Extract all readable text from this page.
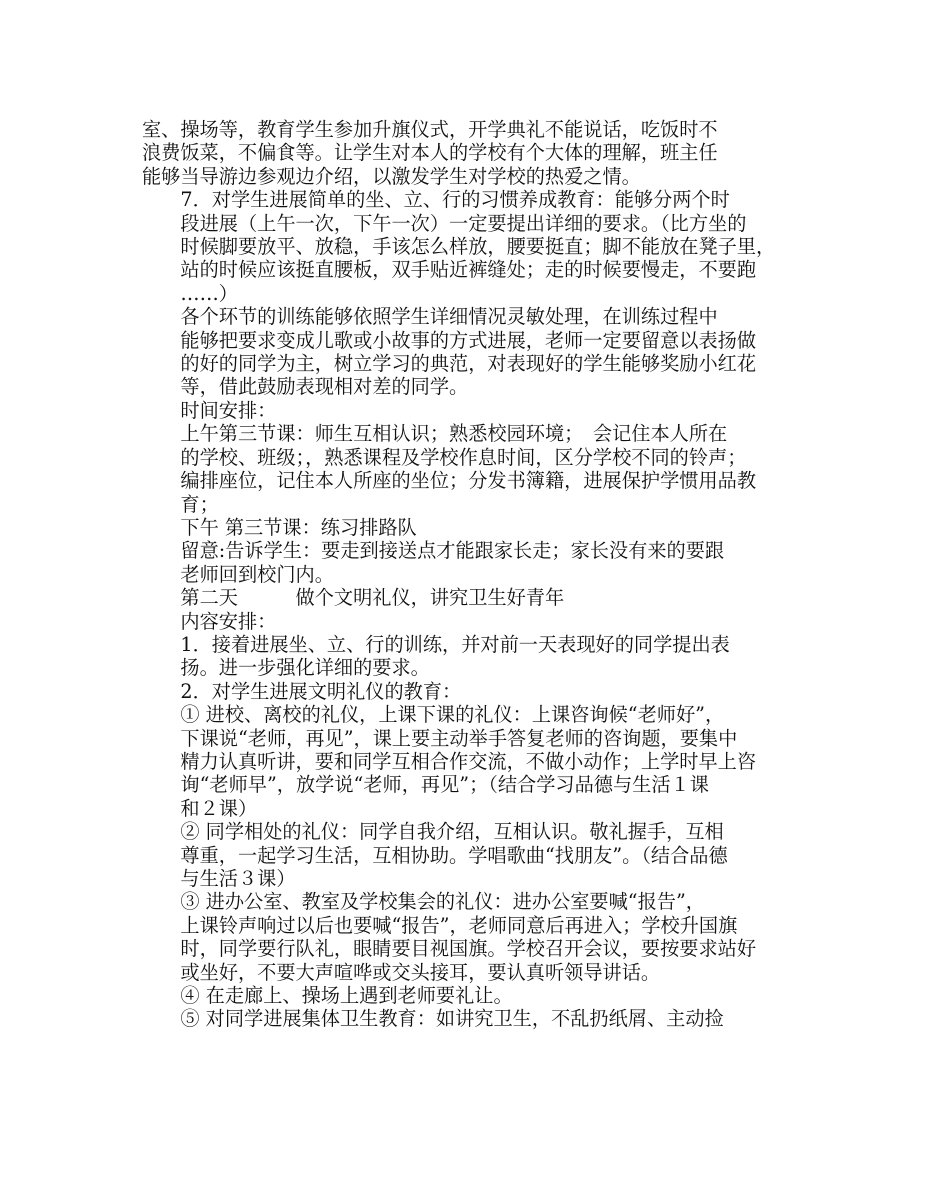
室、操场等，教育学生参加升旗仪式，开学典礼不能说话，吃饭时不
浪费饭菜，不偏食等。让学生对本人的学校有个大体的理解，班主任
能够当导游边参观边介绍，以激发学生对学校的热爱之情。

7．对学生进展简单的坐、立、行的习惯养成教育：能够分两个时
段进展（上午一次，下午一次）一定要提出详细的要求。（比方坐的
时候脚要放平、放稳，手该怎么样放，腰要挺直；脚不能放在凳子里，
站的时候应该挺直腰板，双手贴近裤缝处；走的时候要慢走，不要跑
……）

各个环节的训练能够依照学生详细情况灵敏处理，在训练过程中
能够把要求变成儿歌或小故事的方式进展，老师一定要留意以表扬做
的好的同学为主，树立学习的典范，对表现好的学生能够奖励小红花
等，借此鼓励表现相对差的同学。

时间安排：

上午第三节课：师生互相认识；熟悉校园环境；　会记住本人所在
的学校、班级；，熟悉课程及学校作息时间，区分学校不同的铃声；
编排座位，记住本人所座的坐位；分发书簿籍，进展保护学惯用品教
育；

下午 第三节课：练习排路队

留意:告诉学生：要走到接送点才能跟家长走；家长没有来的要跟
老师回到校门内。

第二天　　　做个文明礼仪，讲究卫生好青年

内容安排：

1．接着进展坐、立、行的训练，并对前一天表现好的同学提出表
扬。进一步强化详细的要求。

2．对学生进展文明礼仪的教育：

① 进校、离校的礼仪，上课下课的礼仪：上课咨询候“老师好”，
下课说“老师，再见”，课上要主动举手答复老师的咨询题，要集中
精力认真听讲，要和同学互相合作交流，不做小动作；上学时早上咨
询“老师早”，放学说“老师，再见”；（结合学习品德与生活１课
和２课）

② 同学相处的礼仪：同学自我介绍，互相认识。敬礼握手，互相
尊重，一起学习生活，互相协助。学唱歌曲“找朋友”。（结合品德
与生活３课）

③ 进办公室、教室及学校集会的礼仪：进办公室要喊“报告”，
上课铃声响过以后也要喊“报告”，老师同意后再进入；学校升国旗
时，同学要行队礼，眼睛要目视国旗。学校召开会议，要按要求站好
或坐好，不要大声喧哗或交头接耳，要认真听领导讲话。

④ 在走廊上、操场上遇到老师要礼让。

⑤ 对同学进展集体卫生教育：如讲究卫生，不乱扔纸屑、主动捡
